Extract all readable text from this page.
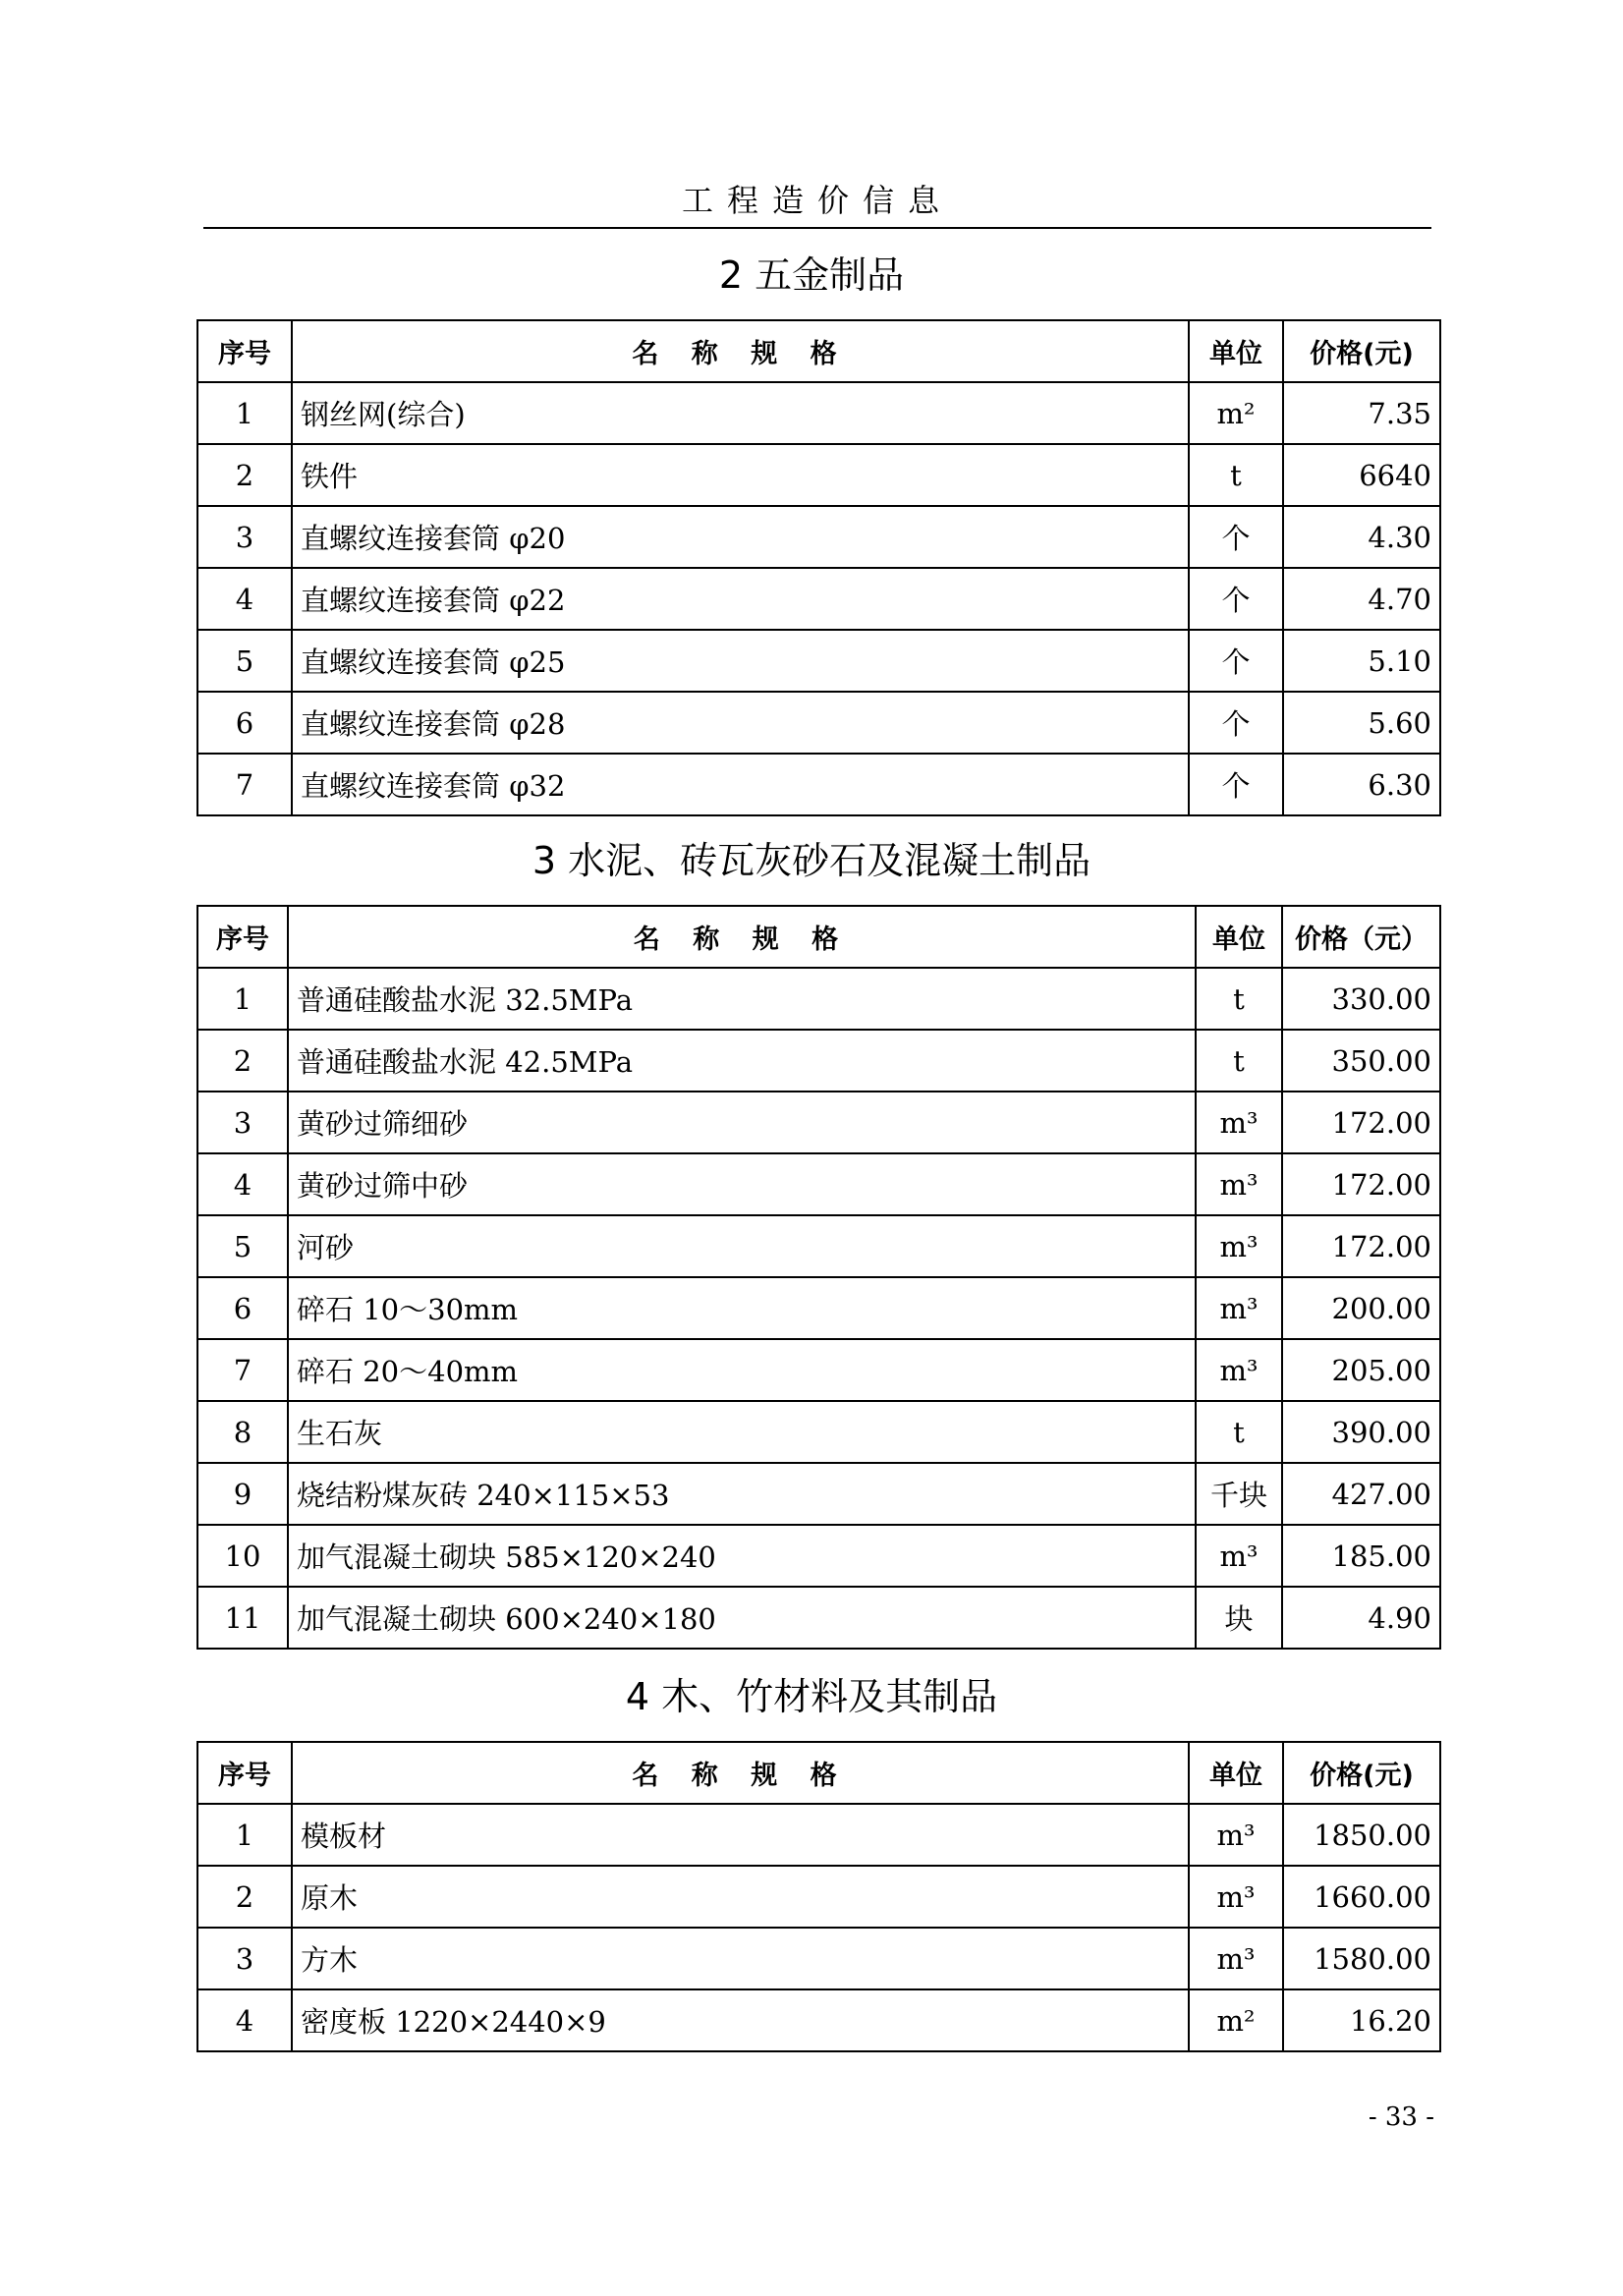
工程造价信息
2 五金制品
序号	名 称 规 格	单位	价格(元)
1	钢丝网(综合)	m²	7.35
2	铁件	t	6640
3	直螺纹连接套筒 φ20	个	4.30
4	直螺纹连接套筒 φ22	个	4.70
5	直螺纹连接套筒 φ25	个	5.10
6	直螺纹连接套筒 φ28	个	5.60
7	直螺纹连接套筒 φ32	个	6.30
3 水泥、砖瓦灰砂石及混凝土制品
序号	名 称 规 格	单位	价格（元）
1	普通硅酸盐水泥 32.5MPa	t	330.00
2	普通硅酸盐水泥 42.5MPa	t	350.00
3	黄砂过筛细砂	m³	172.00
4	黄砂过筛中砂	m³	172.00
5	河砂	m³	172.00
6	碎石 10～30mm	m³	200.00
7	碎石 20～40mm	m³	205.00
8	生石灰	t	390.00
9	烧结粉煤灰砖 240×115×53	千块	427.00
10	加气混凝土砌块 585×120×240	m³	185.00
11	加气混凝土砌块 600×240×180	块	4.90
4 木、竹材料及其制品
序号	名 称 规 格	单位	价格(元)
1	模板材	m³	1850.00
2	原木	m³	1660.00
3	方木	m³	1580.00
4	密度板 1220×2440×9	m²	16.20
- 33 -
